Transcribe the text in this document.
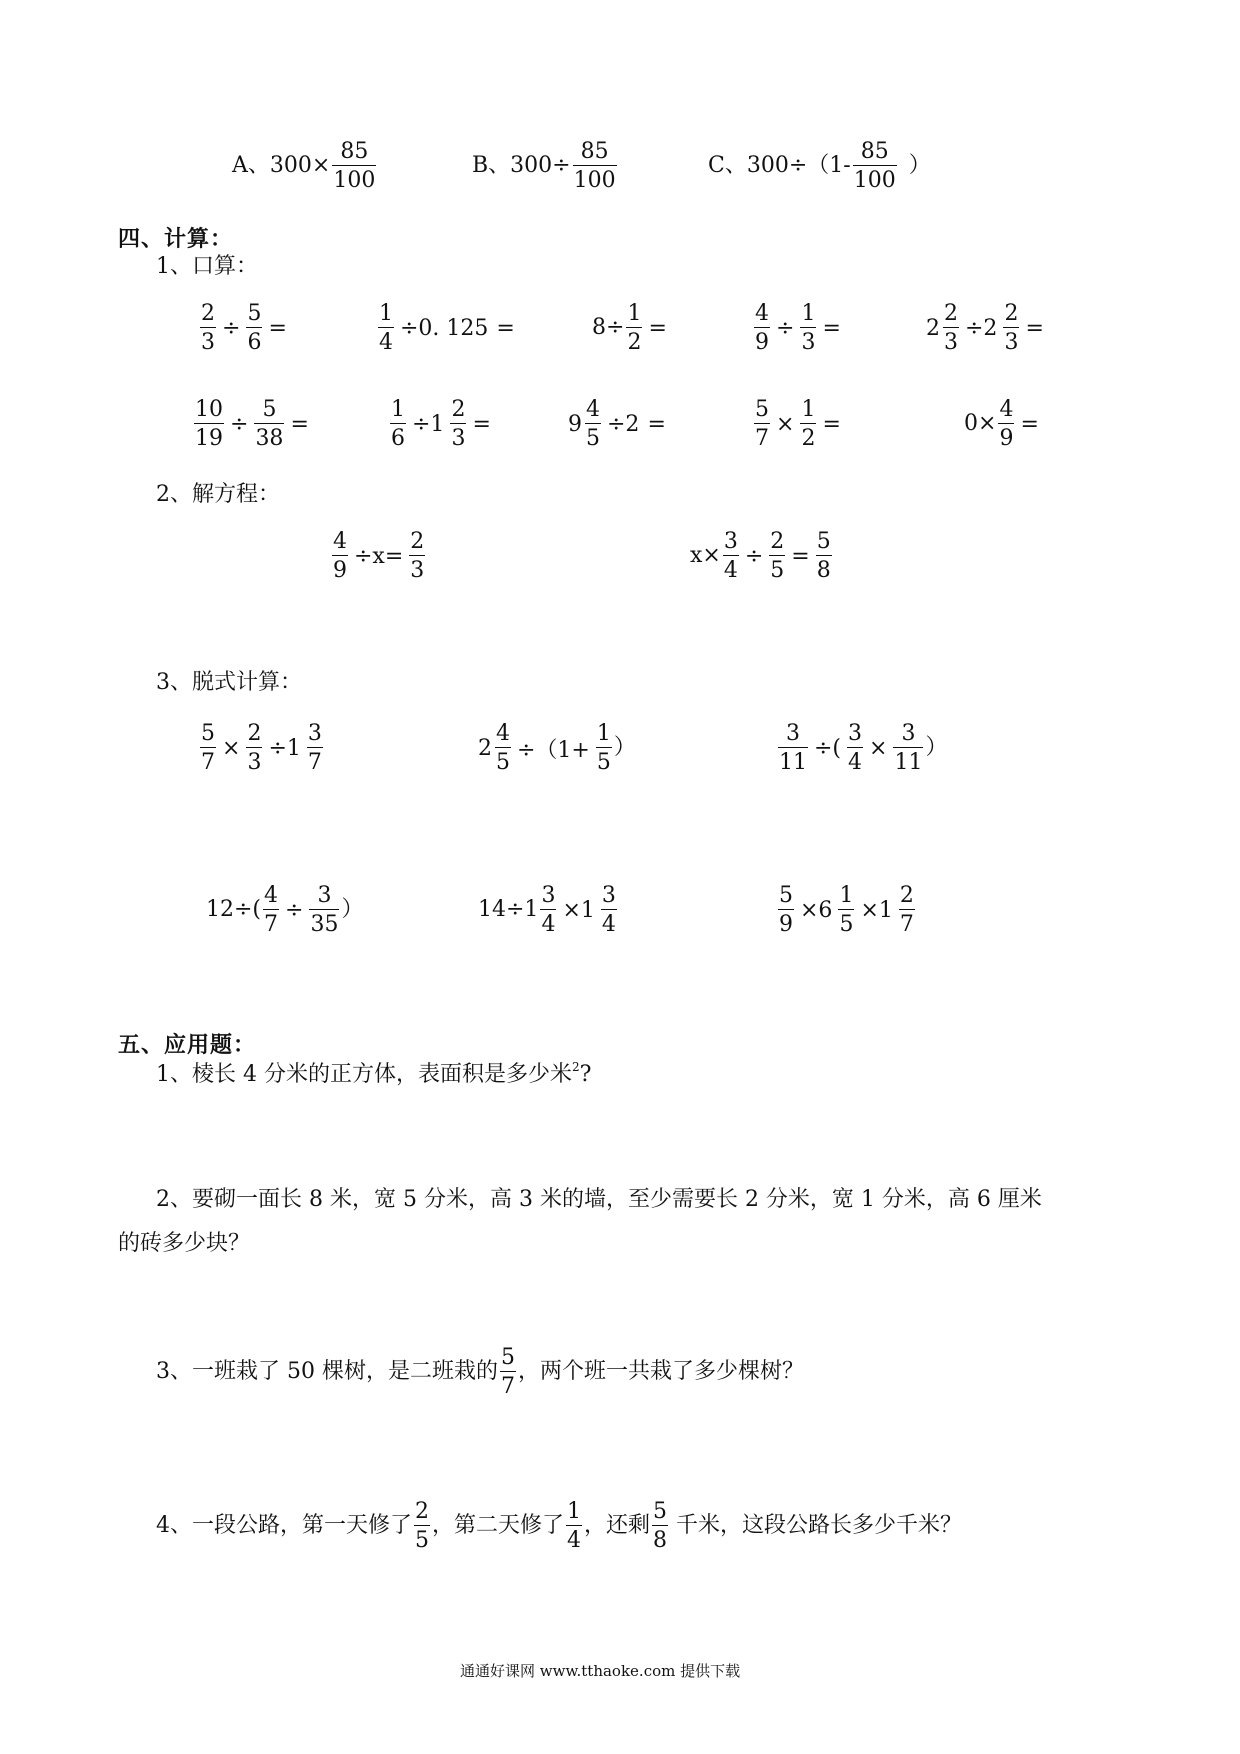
A、$300\times \frac{85}{100}$	B、$300\div \frac{85}{100}$	C、$300\div(1- \frac{85}{100}$ ）
四、计算：
1、口算：
$\frac{2}{3} \div \frac{5}{6}$ =	$\frac{1}{4} \div 0$. 125 =	$8\div \frac{1}{2}$ =	$\frac{4}{9} \div \frac{1}{3}$ =	$2 \frac{2}{3} \div 2 \frac{2}{3}$ =
$\frac{10}{19} \div \frac{5}{38}$ =	$\frac{1}{6} \div 1 \frac{2}{3}$ =	$9 \frac{4}{5} \div 2$ =	$\frac{5}{7} \times \frac{1}{2}$ =	$0\times \frac{4}{9}$ =
2、解方程：
$\frac{4}{9} \div x= \frac{2}{3}$	$x\times \frac{3}{4} \div \frac{2}{5} = \frac{5}{8}$
3、脱式计算：
$\frac{5}{7} \times \frac{2}{3} \div 1 \frac{3}{7}$	$2 \frac{4}{5} \div(1+ \frac{1}{5}$ ）	$\frac{3}{11}$ ÷( $\frac{3}{4} \times \frac{3}{11}$ ）
$12\div( \frac{4}{7} \div \frac{3}{35}$ ）	$14\div 1 \frac{3}{4} \times 1 \frac{3}{4}$	$\frac{5}{9} \times 6 \frac{1}{5} \times 1 \frac{2}{7}$
五、应用题：
1、棱长 4 分米的正方体，表面积是多少米$^2$?

2、要砌一面长 8 米，宽 5 分米，高 3 米的墙，至少需要长 2 分米，宽 1 分米，高 6 厘米

的砖多少块？

3、一班栽了 50 棵树，是二班栽的 $\frac{5}{7}$ ，两个班一共栽了多少棵树？
4、一段公路，第一天修了 $\frac{2}{5}$ ，第二天修了 $\frac{1}{4}$ ，还剩 $\frac{5}{8}$ 千米，这段公路长多少千米？
通通好课网 www.tthaoke.com 提供下载
